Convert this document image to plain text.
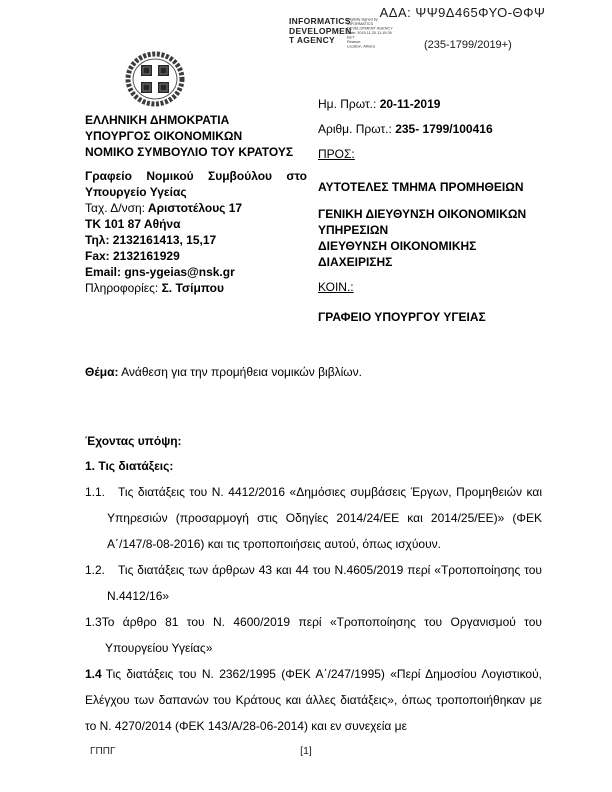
ΑΔΑ: ΨΨ9Δ465ΦΥΟ-ΘΦΨ
INFORMATICS
DEVELOPMEN
T AGENCY
Digitally signed by
INFORMATICS
DEVELOPMENT AGENCY
Date: 2019.11.20 11:19:26
EET
Reason:
Location: Athens	(235-1799/2019+)
ΕΛΛΗΝΙΚΗ ΔΗΜΟΚΡΑΤΙΑ
ΥΠΟΥΡΓΟΣ ΟΙΚΟΝΟΜΙΚΩΝ
ΝΟΜΙΚΟ ΣΥΜΒΟΥΛΙΟ ΤΟΥ ΚΡΑΤΟΥΣ
Γραφείο Νομικού Συμβούλου στο Υπουργείο Υγείας
Ταχ. Δ/νση: Αριστοτέλους 17
ΤΚ 101 87 Αθήνα
Τηλ: 2132161413, 15,17
Fax: 2132161929
Email: gns-ygeias@nsk.gr
Πληροφορίες: Σ. Τσίμπου
Ημ. Πρωτ.: 20-11-2019
Αριθμ. Πρωτ.: 235- 1799/100416
ΠΡΟΣ:
ΑΥΤΟΤΕΛΕΣ ΤΜΗΜΑ ΠΡΟΜΗΘΕΙΩΝ
ΓΕΝΙΚΗ ΔΙΕΥΘΥΝΣΗ ΟΙΚΟΝΟΜΙΚΩΝ ΥΠΗΡΕΣΙΩΝ
ΔΙΕΥΘΥΝΣΗ ΟΙΚΟΝΟΜΙΚΗΣ ΔΙΑΧΕΙΡΙΣΗΣ
ΚΟΙΝ.:
ΓΡΑΦΕΙΟ ΥΠΟΥΡΓΟΥ ΥΓΕΙΑΣ
Θέμα: Ανάθεση για την προμήθεια νομικών βιβλίων.
Έχοντας υπόψη:
1. Τις διατάξεις:
1.1. Τις διατάξεις του Ν. 4412/2016 «Δημόσιες συμβάσεις Έργων, Προμηθειών και Υπηρεσιών (προσαρμογή στις Οδηγίες 2014/24/ΕΕ και 2014/25/ΕΕ)» (ΦΕΚ Α΄/147/8-08-2016) και τις τροποποιήσεις αυτού, όπως ισχύουν.
1.2. Τις διατάξεις των άρθρων 43 και 44 του Ν.4605/2019 περί «Τροποποίησης του Ν.4412/16»
1.3Το άρθρο 81 του Ν. 4600/2019 περί «Τροποποίησης του Οργανισμού του Υπουργείου Υγείας»
1.4 Τις διατάξεις του Ν. 2362/1995 (ΦΕΚ Α΄/247/1995) «Περί Δημοσίου Λογιστικού, Ελέγχου των δαπανών του Κράτους και άλλες διατάξεις», όπως τροποποιήθηκαν με το Ν. 4270/2014 (ΦΕΚ 143/Α/28-06-2014) και εν συνεχεία με
ΓΠΠΓ	[1]
